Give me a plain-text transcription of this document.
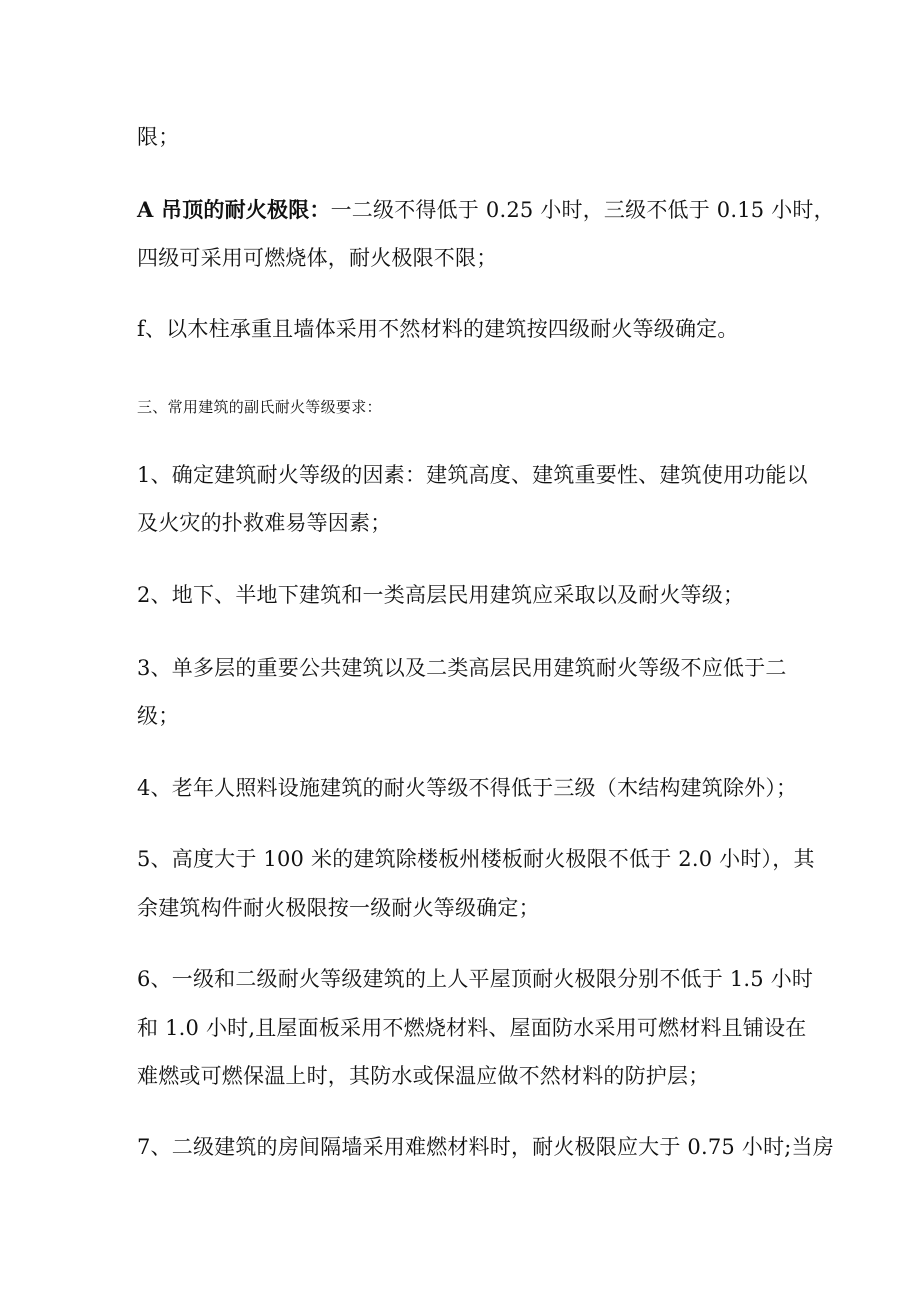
限；
A 吊顶的耐火极限：一二级不得低于 0.25 小时，三级不低于 0.15 小时，
四级可采用可燃烧体，耐火极限不限；
f、以木柱承重且墙体采用不然材料的建筑按四级耐火等级确定。
三、常用建筑的副氏耐火等级要求：
1、确定建筑耐火等级的因素：建筑高度、建筑重要性、建筑使用功能以
及火灾的扑救难易等因素；
2、地下、半地下建筑和一类高层民用建筑应采取以及耐火等级；
3、单多层的重要公共建筑以及二类高层民用建筑耐火等级不应低于二
级；
4、老年人照料设施建筑的耐火等级不得低于三级（木结构建筑除外）；
5、高度大于 100 米的建筑除楼板州楼板耐火极限不低于 2.0 小时），其
余建筑构件耐火极限按一级耐火等级确定；
6、一级和二级耐火等级建筑的上人平屋顶耐火极限分别不低于 1.5 小时
和 1.0 小时,且屋面板采用不燃烧材料、屋面防水采用可燃材料且铺设在
难燃或可燃保温上时，其防水或保温应做不然材料的防护层；
7、二级建筑的房间隔墙采用难燃材料时，耐火极限应大于 0.75 小时;当房
